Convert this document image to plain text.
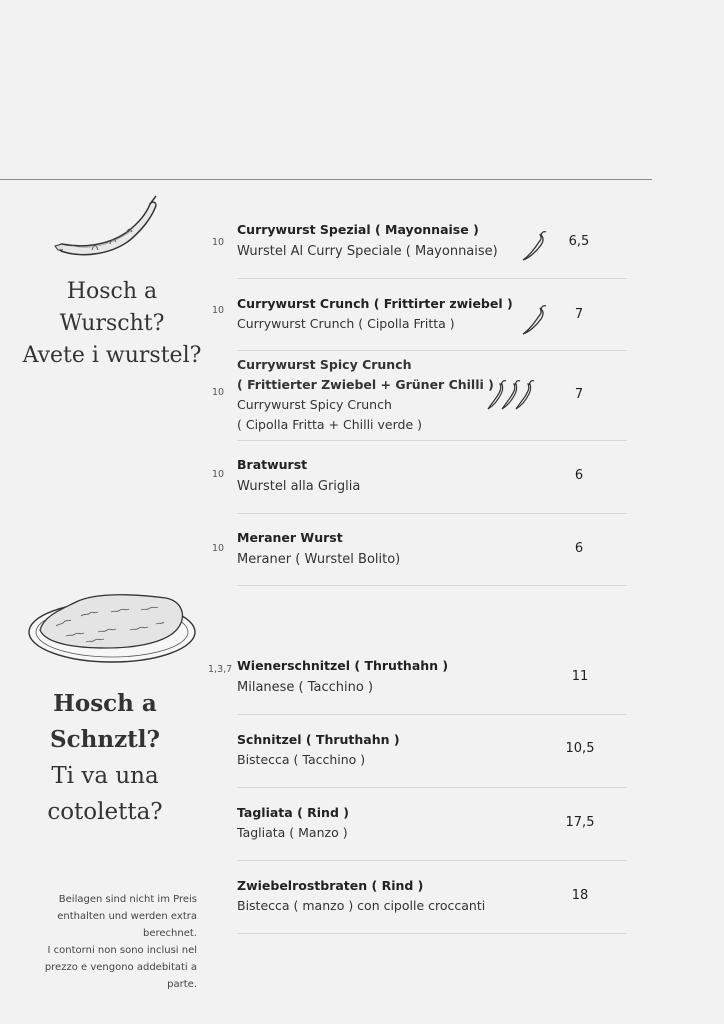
Hosch a
Wurscht?
Avete i wurstel?
10
Currywurst Spezial ( Mayonnaise )
Wurstel Al Curry Speciale ( Mayonnaise)
6,5
10 Currywurst Crunch ( Frittirter zwiebel )
Currywurst Crunch ( Cipolla Fritta )
7
10
Currywurst Spicy Crunch
( Frittierter Zwiebel + Grüner Chilli )
Currywurst Spicy Crunch
( Cipolla Fritta + Chilli verde )
7
10
Bratwurst
Wurstel alla Griglia
6
10
Meraner Wurst
Meraner ( Wurstel Bolito)
6
Hosch a
Schnztl?
Ti va una
cotoletta?
1,3,7 Wienerschnitzel ( Thruthahn )
Milanese ( Tacchino )
11
Schnitzel ( Thruthahn )
Bistecca ( Tacchino )
10,5
Tagliata ( Rind )
Tagliata ( Manzo )
17,5
Zwiebelrostbraten ( Rind )
Bistecca ( manzo ) con cipolle croccanti
18
Beilagen sind nicht im Preis
enthalten und werden extra
berechnet.
I contorni non sono inclusi nel
prezzo e vengono addebitati a
parte.
